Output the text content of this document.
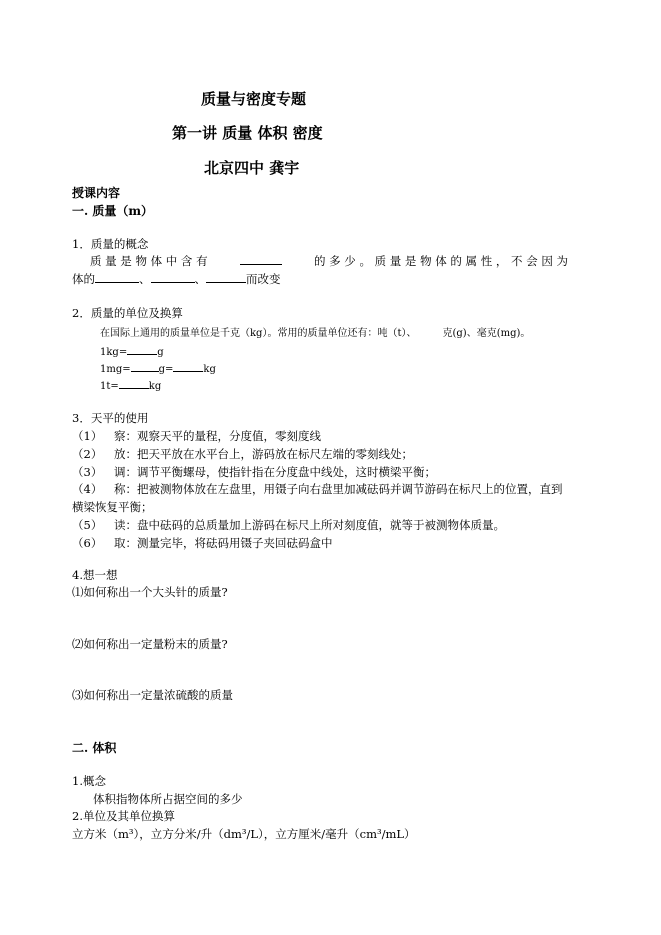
质量与密度专题
第一讲 质量 体积 密度
北京四中 龚宇
授课内容
一. 质量（m）
1．质量的概念
质 量 是 物 体 中 含 有	的 多 少 。 质 量 是 物 体 的 属 性 ， 不 会 因 为
体的	、	、	而改变
2．质量的单位及换算
在国际上通用的质量单位是千克（kg）。常用的质量单位还有：吨（t）、	克(g)、毫克(mg)。
1kg=	g
1mg=	g=	kg
1t=	kg
3．天平的使用
（1） 察：观察天平的量程，分度值，零刻度线
（2） 放：把天平放在水平台上，游码放在标尺左端的零刻线处；
（3） 调：调节平衡螺母，使指针指在分度盘中线处，这时横梁平衡；
（4） 称：把被测物体放在左盘里，用镊子向右盘里加减砝码并调节游码在标尺上的位置，直到
横梁恢复平衡；
（5） 读：盘中砝码的总质量加上游码在标尺上所对刻度值，就等于被测物体质量。
（6） 取：测量完毕，将砝码用镊子夹回砝码盒中
4.想一想
⑴如何称出一个大头针的质量?
⑵如何称出一定量粉末的质量?
⑶如何称出一定量浓硫酸的质量
二. 体积
1.概念
体积指物体所占据空间的多少
2.单位及其单位换算
立方米（m³），立方分米/升（dm³/L），立方厘米/毫升（cm³/mL）
